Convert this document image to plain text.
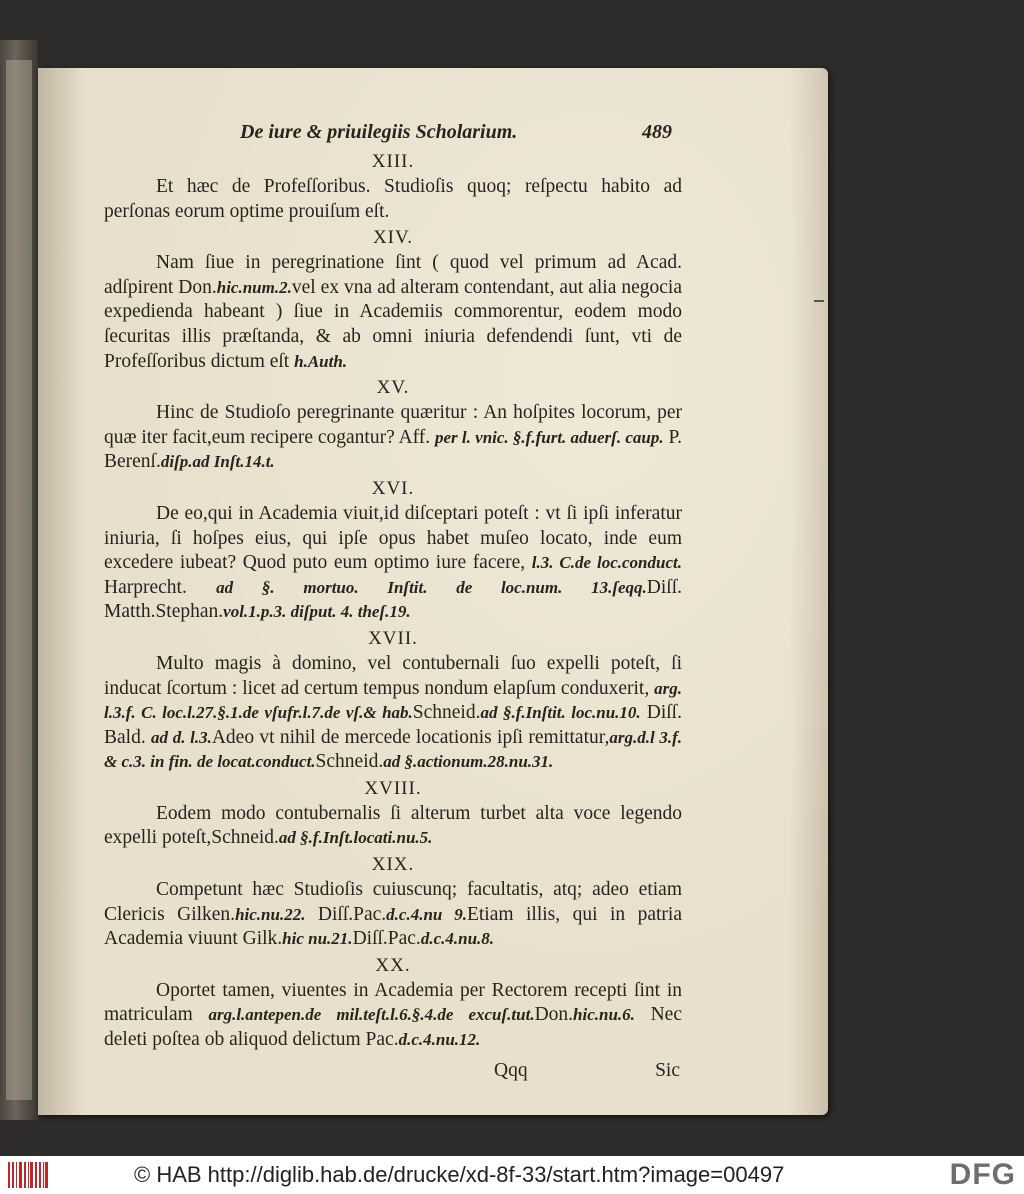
De iure & priuilegiis Scholarium.	489
XIII.

Et hæc de Profeſſoribus. Studioſis quoq; reſpectu habito ad perſonas eorum optime prouiſum eſt.

XIV.

Nam ſiue in peregrinatione ſint ( quod vel primum ad Acad. adſpirent Don.hic.num.2.vel ex vna ad alteram contendant, aut alia negocia expedienda habeant ) ſiue in Academiis commorentur, eodem modo ſecuritas illis præſtanda, & ab omni iniuria defendendi ſunt, vti de Profeſſoribus dictum eſt h.Auth.

XV.

Hinc de Studioſo peregrinante quæritur : An hoſpites locorum, per quæ iter facit,eum recipere cogantur? Aff. per l. vnic. §.f.furt. aduerſ. caup. P. Berenſ.diſp.ad Inſt.14.t.

XVI.

De eo,qui in Academia viuit,id diſceptari poteſt : vt ſi ipſi inferatur iniuria, ſi hoſpes eius, qui ipſe opus habet muſeo locato, inde eum excedere iubeat? Quod puto eum optimo iure facere, l.3. C.de loc.conduct. Harprecht. ad §. mortuo. Inſtit. de loc.num. 13.ſeqq.Diſſ. Matth.Stephan.vol.1.p.3. diſput. 4. theſ.19.

XVII.

Multo magis à domino, vel contubernali ſuo expelli poteſt, ſi inducat ſcortum : licet ad certum tempus nondum elapſum conduxerit, arg. l.3.f. C. loc.l.27.§.1.de vſufr.l.7.de vſ.& hab.Schneid.ad §.f.Inſtit. loc.nu.10. Diſſ. Bald. ad d. l.3.Adeo vt nihil de mercede locationis ipſi remittatur,arg.d.l 3.f. & c.3. in fin. de locat.conduct.Schneid.ad §.actionum.28.nu.31.

XVIII.

Eodem modo contubernalis ſi alterum turbet alta voce legendo expelli poteſt,Schneid.ad §.f.Inſt.locati.nu.5.

XIX.

Competunt hæc Studioſis cuiuscunq; facultatis, atq; adeo etiam Clericis Gilken.hic.nu.22. Diſſ.Pac.d.c.4.nu 9.Etiam illis, qui in patria Academia viuunt Gilk.hic nu.21.Diſſ.Pac.d.c.4.nu.8.

XX.

Oportet tamen, viuentes in Academia per Rectorem recepti ſint in matriculam arg.l.antepen.de mil.teſt.l.6.§.4.de excuſ.tut.Don.hic.nu.6. Nec deleti poſtea ob aliquod delictum Pac.d.c.4.nu.12.

Qqq	Sic
© HAB http://diglib.hab.de/drucke/xd-8f-33/start.htm?image=00497	DFG
